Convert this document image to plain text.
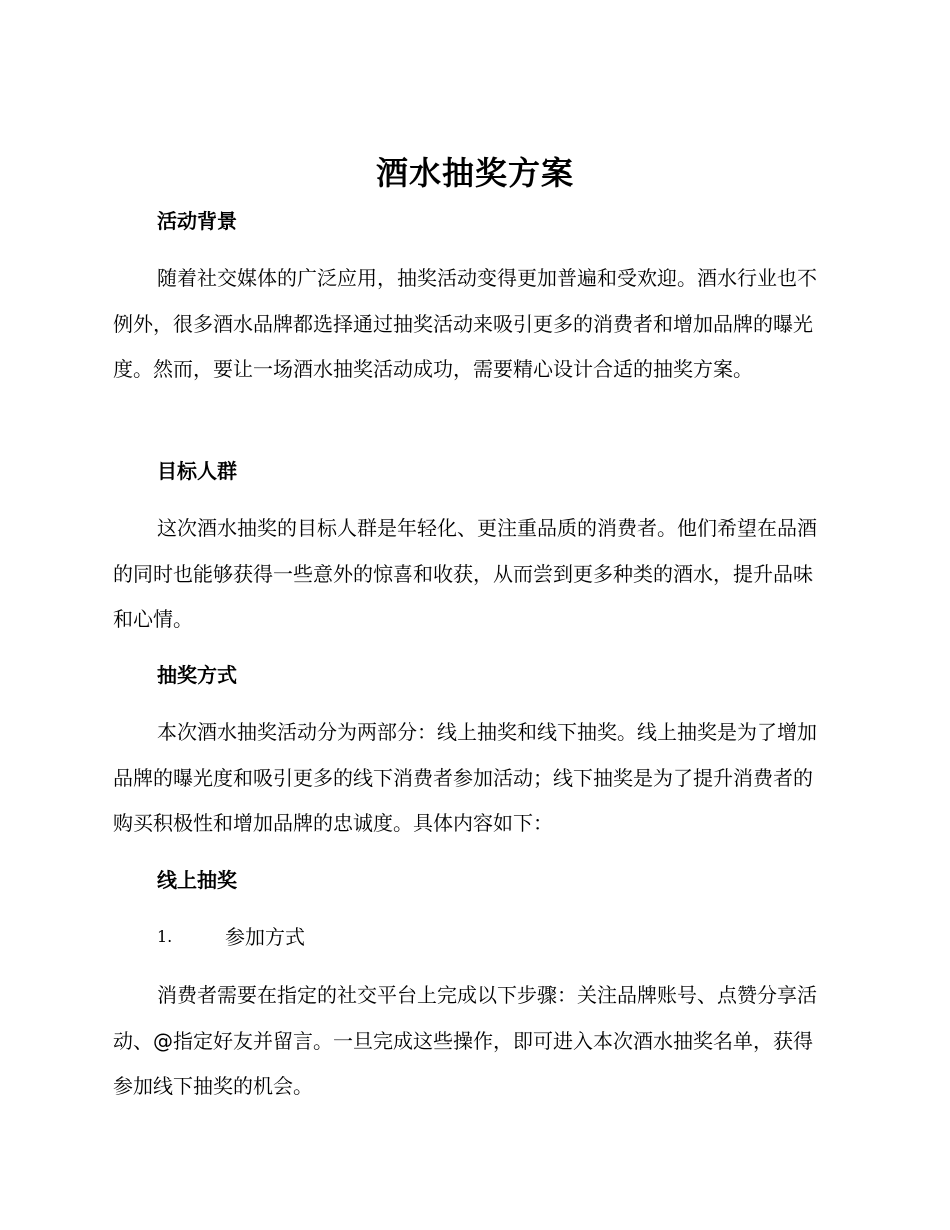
酒水抽奖方案
活动背景

随着社交媒体的广泛应用，抽奖活动变得更加普遍和受欢迎。酒水行业也不例外，很多酒水品牌都选择通过抽奖活动来吸引更多的消费者和增加品牌的曝光度。然而，要让一场酒水抽奖活动成功，需要精心设计合适的抽奖方案。

目标人群

这次酒水抽奖的目标人群是年轻化、更注重品质的消费者。他们希望在品酒的同时也能够获得一些意外的惊喜和收获，从而尝到更多种类的酒水，提升品味和心情。

抽奖方式

本次酒水抽奖活动分为两部分：线上抽奖和线下抽奖。线上抽奖是为了增加品牌的曝光度和吸引更多的线下消费者参加活动；线下抽奖是为了提升消费者的购买积极性和增加品牌的忠诚度。具体内容如下：

线上抽奖
1.	参加方式

消费者需要在指定的社交平台上完成以下步骤：关注品牌账号、点赞分享活动、@指定好友并留言。一旦完成这些操作，即可进入本次酒水抽奖名单，获得参加线下抽奖的机会。
